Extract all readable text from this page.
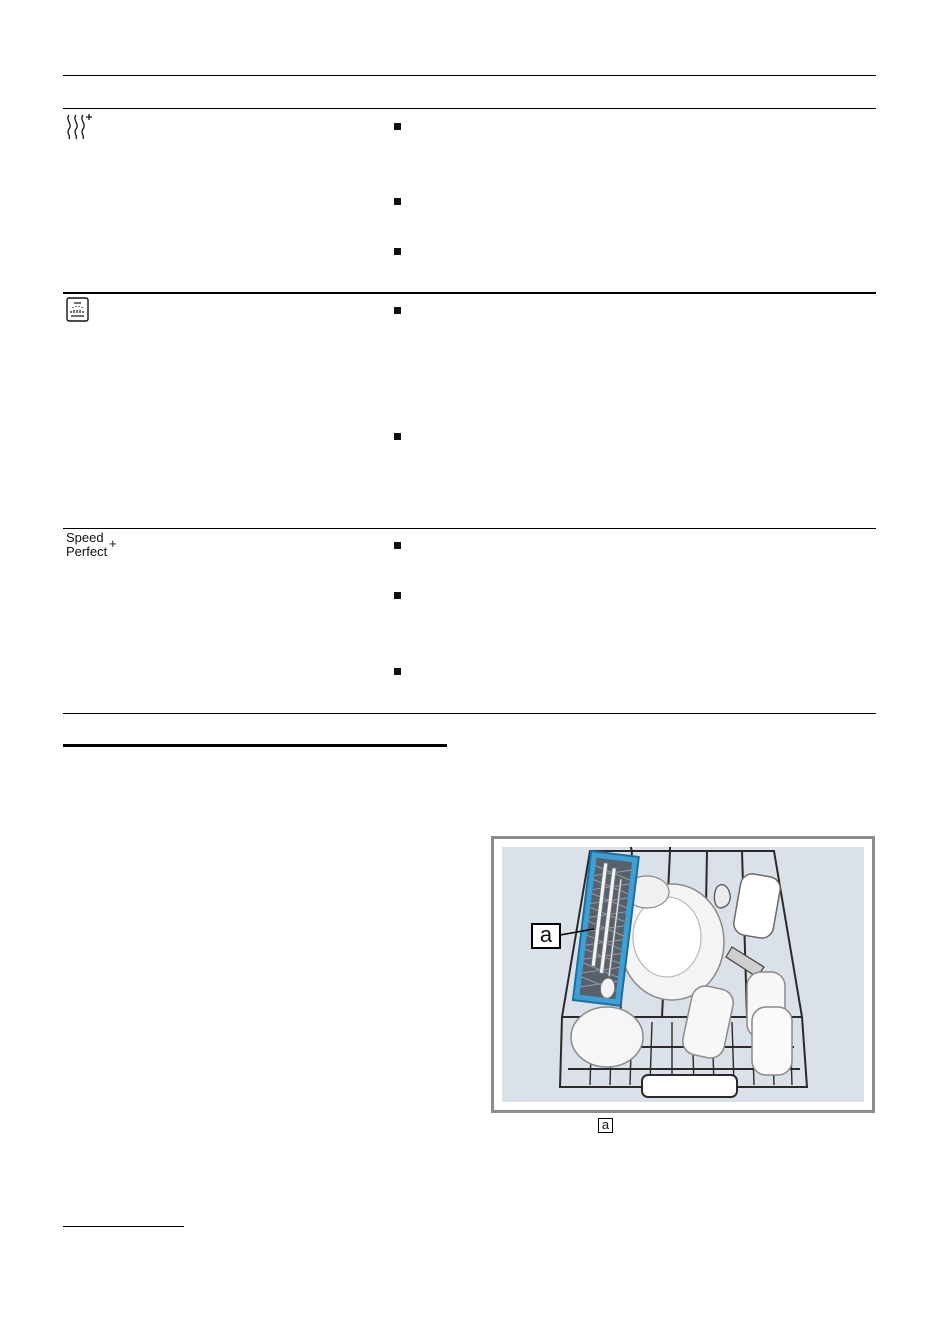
Speed
Perfect
+
a
a
